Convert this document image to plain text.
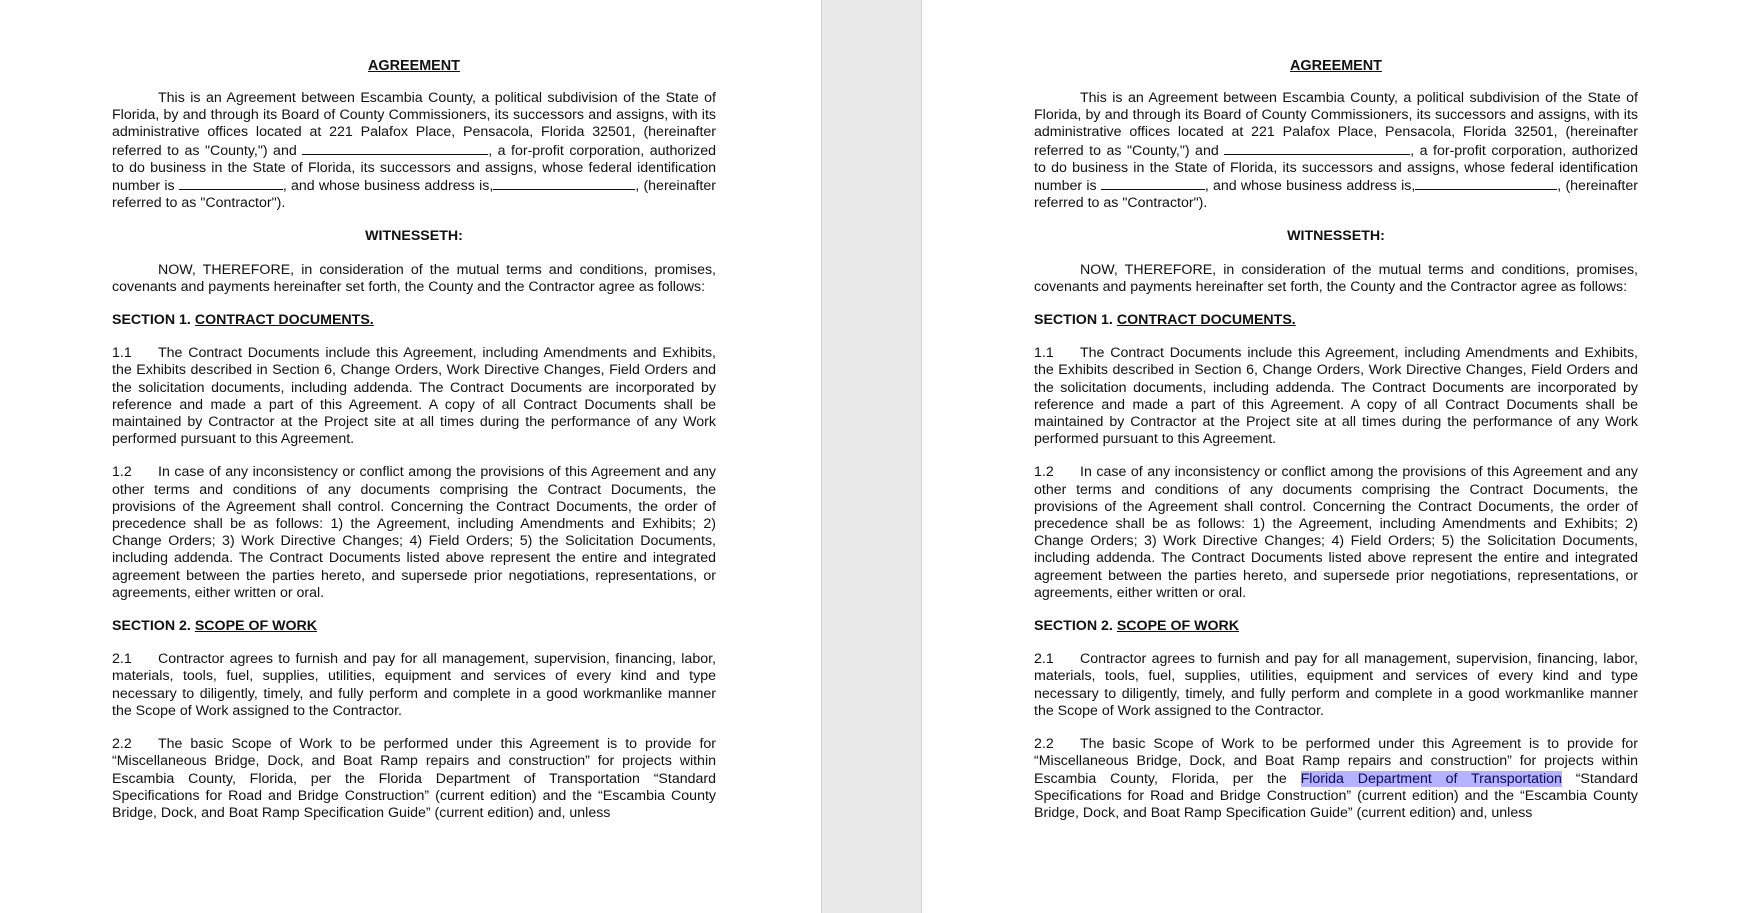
AGREEMENT

This is an Agreement between Escambia County, a political subdivision of the State of Florida, by and through its Board of County Commissioners, its successors and assigns, with its administrative offices located at 221 Palafox Place, Pensacola, Florida 32501, (hereinafter referred to as "County,") and	, a for-profit corporation, authorized to do business in the State of Florida, its successors and assigns, whose federal identification number is	, and whose business address is,	, (hereinafter referred to as "Contractor").

WITNESSETH:

NOW, THEREFORE, in consideration of the mutual terms and conditions, promises, covenants and payments hereinafter set forth, the County and the Contractor agree as follows:

SECTION 1. CONTRACT DOCUMENTS.

1.1 The Contract Documents include this Agreement, including Amendments and Exhibits, the Exhibits described in Section 6, Change Orders, Work Directive Changes, Field Orders and the solicitation documents, including addenda. The Contract Documents are incorporated by reference and made a part of this Agreement. A copy of all Contract Documents shall be maintained by Contractor at the Project site at all times during the performance of any Work performed pursuant to this Agreement.

1.2 In case of any inconsistency or conflict among the provisions of this Agreement and any other terms and conditions of any documents comprising the Contract Documents, the provisions of the Agreement shall control. Concerning the Contract Documents, the order of precedence shall be as follows: 1) the Agreement, including Amendments and Exhibits; 2) Change Orders; 3) Work Directive Changes; 4) Field Orders; 5) the Solicitation Documents, including addenda. The Contract Documents listed above represent the entire and integrated agreement between the parties hereto, and supersede prior negotiations, representations, or agreements, either written or oral.

SECTION 2. SCOPE OF WORK

2.1 Contractor agrees to furnish and pay for all management, supervision, financing, labor, materials, tools, fuel, supplies, utilities, equipment and services of every kind and type necessary to diligently, timely, and fully perform and complete in a good workmanlike manner the Scope of Work assigned to the Contractor.

2.2 The basic Scope of Work to be performed under this Agreement is to provide for “Miscellaneous Bridge, Dock, and Boat Ramp repairs and construction” for projects within Escambia County, Florida, per the Florida Department of Transportation “Standard Specifications for Road and Bridge Construction” (current edition) and the “Escambia County Bridge, Dock, and Boat Ramp Specification Guide” (current edition) and, unless

AGREEMENT

This is an Agreement between Escambia County, a political subdivision of the State of Florida, by and through its Board of County Commissioners, its successors and assigns, with its administrative offices located at 221 Palafox Place, Pensacola, Florida 32501, (hereinafter referred to as "County,") and	, a for-profit corporation, authorized to do business in the State of Florida, its successors and assigns, whose federal identification number is	, and whose business address is,	, (hereinafter referred to as "Contractor").

WITNESSETH:

NOW, THEREFORE, in consideration of the mutual terms and conditions, promises, covenants and payments hereinafter set forth, the County and the Contractor agree as follows:

SECTION 1. CONTRACT DOCUMENTS.

1.1 The Contract Documents include this Agreement, including Amendments and Exhibits, the Exhibits described in Section 6, Change Orders, Work Directive Changes, Field Orders and the solicitation documents, including addenda. The Contract Documents are incorporated by reference and made a part of this Agreement. A copy of all Contract Documents shall be maintained by Contractor at the Project site at all times during the performance of any Work performed pursuant to this Agreement.

1.2 In case of any inconsistency or conflict among the provisions of this Agreement and any other terms and conditions of any documents comprising the Contract Documents, the provisions of the Agreement shall control. Concerning the Contract Documents, the order of precedence shall be as follows: 1) the Agreement, including Amendments and Exhibits; 2) Change Orders; 3) Work Directive Changes; 4) Field Orders; 5) the Solicitation Documents, including addenda. The Contract Documents listed above represent the entire and integrated agreement between the parties hereto, and supersede prior negotiations, representations, or agreements, either written or oral.

SECTION 2. SCOPE OF WORK

2.1 Contractor agrees to furnish and pay for all management, supervision, financing, labor, materials, tools, fuel, supplies, utilities, equipment and services of every kind and type necessary to diligently, timely, and fully perform and complete in a good workmanlike manner the Scope of Work assigned to the Contractor.

2.2 The basic Scope of Work to be performed under this Agreement is to provide for “Miscellaneous Bridge, Dock, and Boat Ramp repairs and construction” for projects within Escambia County, Florida, per the Florida Department of Transportation “Standard Specifications for Road and Bridge Construction” (current edition) and the “Escambia County Bridge, Dock, and Boat Ramp Specification Guide” (current edition) and, unless
